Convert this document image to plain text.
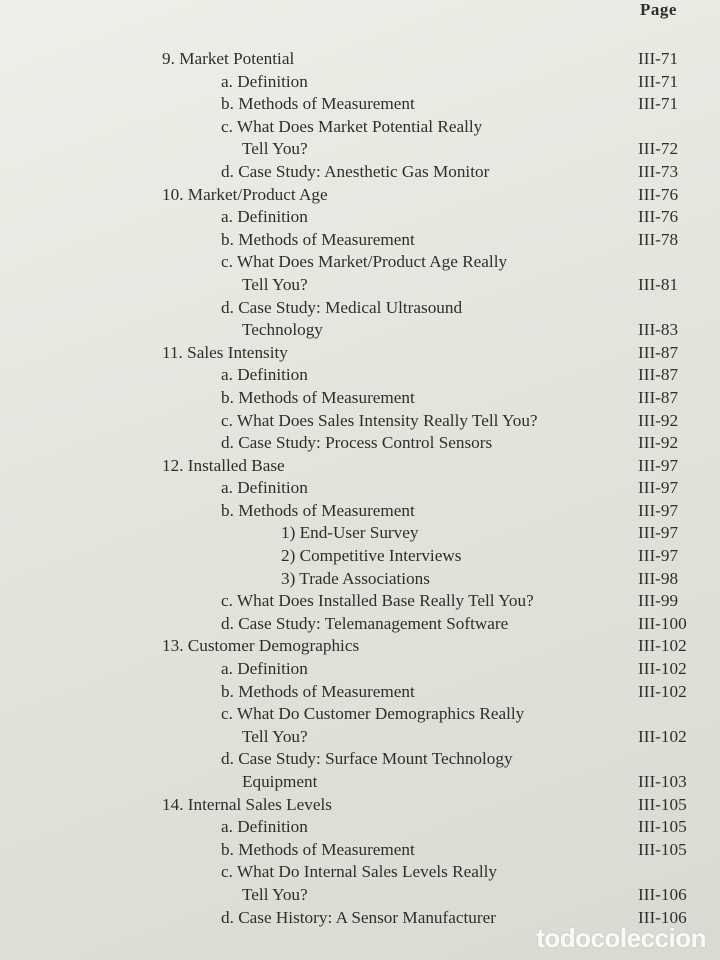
Page
9. Market Potential	III-71
a. Definition	III-71
b. Methods of Measurement	III-71
c. What Does Market Potential Really
Tell You?	III-72
d. Case Study: Anesthetic Gas Monitor	III-73
10. Market/Product Age	III-76
a. Definition	III-76
b. Methods of Measurement	III-78
c. What Does Market/Product Age Really
Tell You?	III-81
d. Case Study: Medical Ultrasound
Technology	III-83
11. Sales Intensity	III-87
a. Definition	III-87
b. Methods of Measurement	III-87
c. What Does Sales Intensity Really Tell You?	III-92
d. Case Study: Process Control Sensors	III-92
12. Installed Base	III-97
a. Definition	III-97
b. Methods of Measurement	III-97
1) End-User Survey	III-97
2) Competitive Interviews	III-97
3) Trade Associations	III-98
c. What Does Installed Base Really Tell You?	III-99
d. Case Study: Telemanagement Software	III-100
13. Customer Demographics	III-102
a. Definition	III-102
b. Methods of Measurement	III-102
c. What Do Customer Demographics Really
Tell You?	III-102
d. Case Study: Surface Mount Technology
Equipment	III-103
14. Internal Sales Levels	III-105
a. Definition	III-105
b. Methods of Measurement	III-105
c. What Do Internal Sales Levels Really
Tell You?	III-106
d. Case History: A Sensor Manufacturer	III-106
todocoleccion
